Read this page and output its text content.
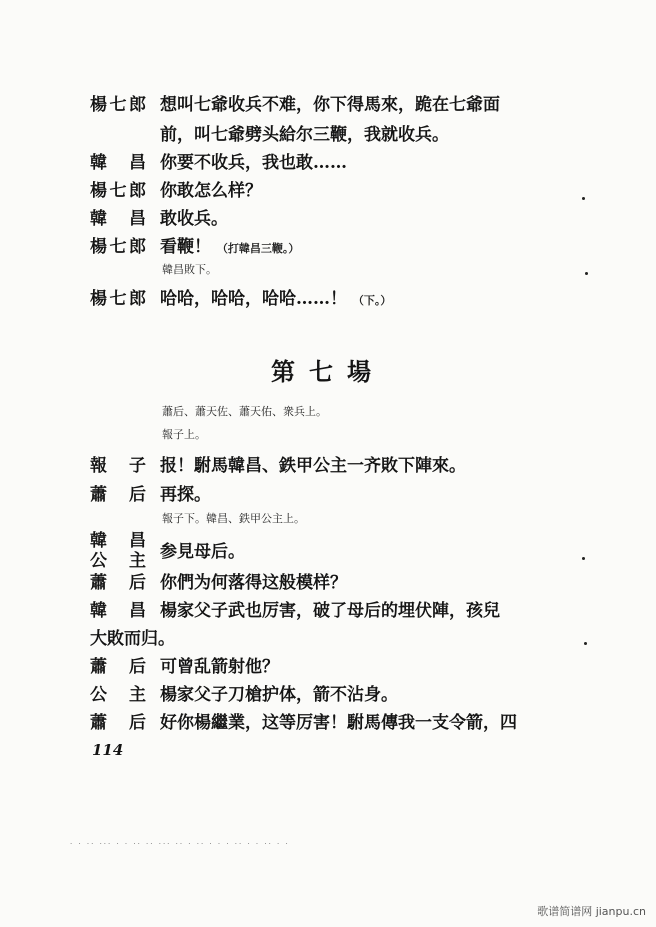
楊七郎 想叫七爺收兵不难，你下得馬來，跪在七爺面
前，叫七爺劈头給尔三鞭，我就收兵。
韓　昌 你要不收兵，我也敢……
楊七郎 你敢怎么样？
韓　昌 敢收兵。
楊七郎 看鞭！ （打韓昌三鞭。）
韓昌敗下。
楊七郎 哈哈，哈哈，哈哈……！ （下。）
第七場
蕭后、蕭天佐、蕭天佑、衆兵上。
報子上。
報　子 报！駙馬韓昌、鉄甲公主一齐敗下陣來。
蕭　后 再探。
報子下。韓昌、鉄甲公主上。
韓　昌
公　主 参見母后。
蕭　后 你們为何落得这般模样？
韓　昌 楊家父子武也厉害，破了母后的埋伏陣，孩兒
大敗而归。
蕭　后 可曾乱箭射他？
公　主 楊家父子刀槍护体，箭不沾身。
蕭　后 好你楊繼業，这等厉害！駙馬傳我一支令箭，四
114
· · ·· ··· · · ·· ·· ··· ·· · ·· · · · ·· · · ·· · ·
歌谱简谱网 jianpu.cn
